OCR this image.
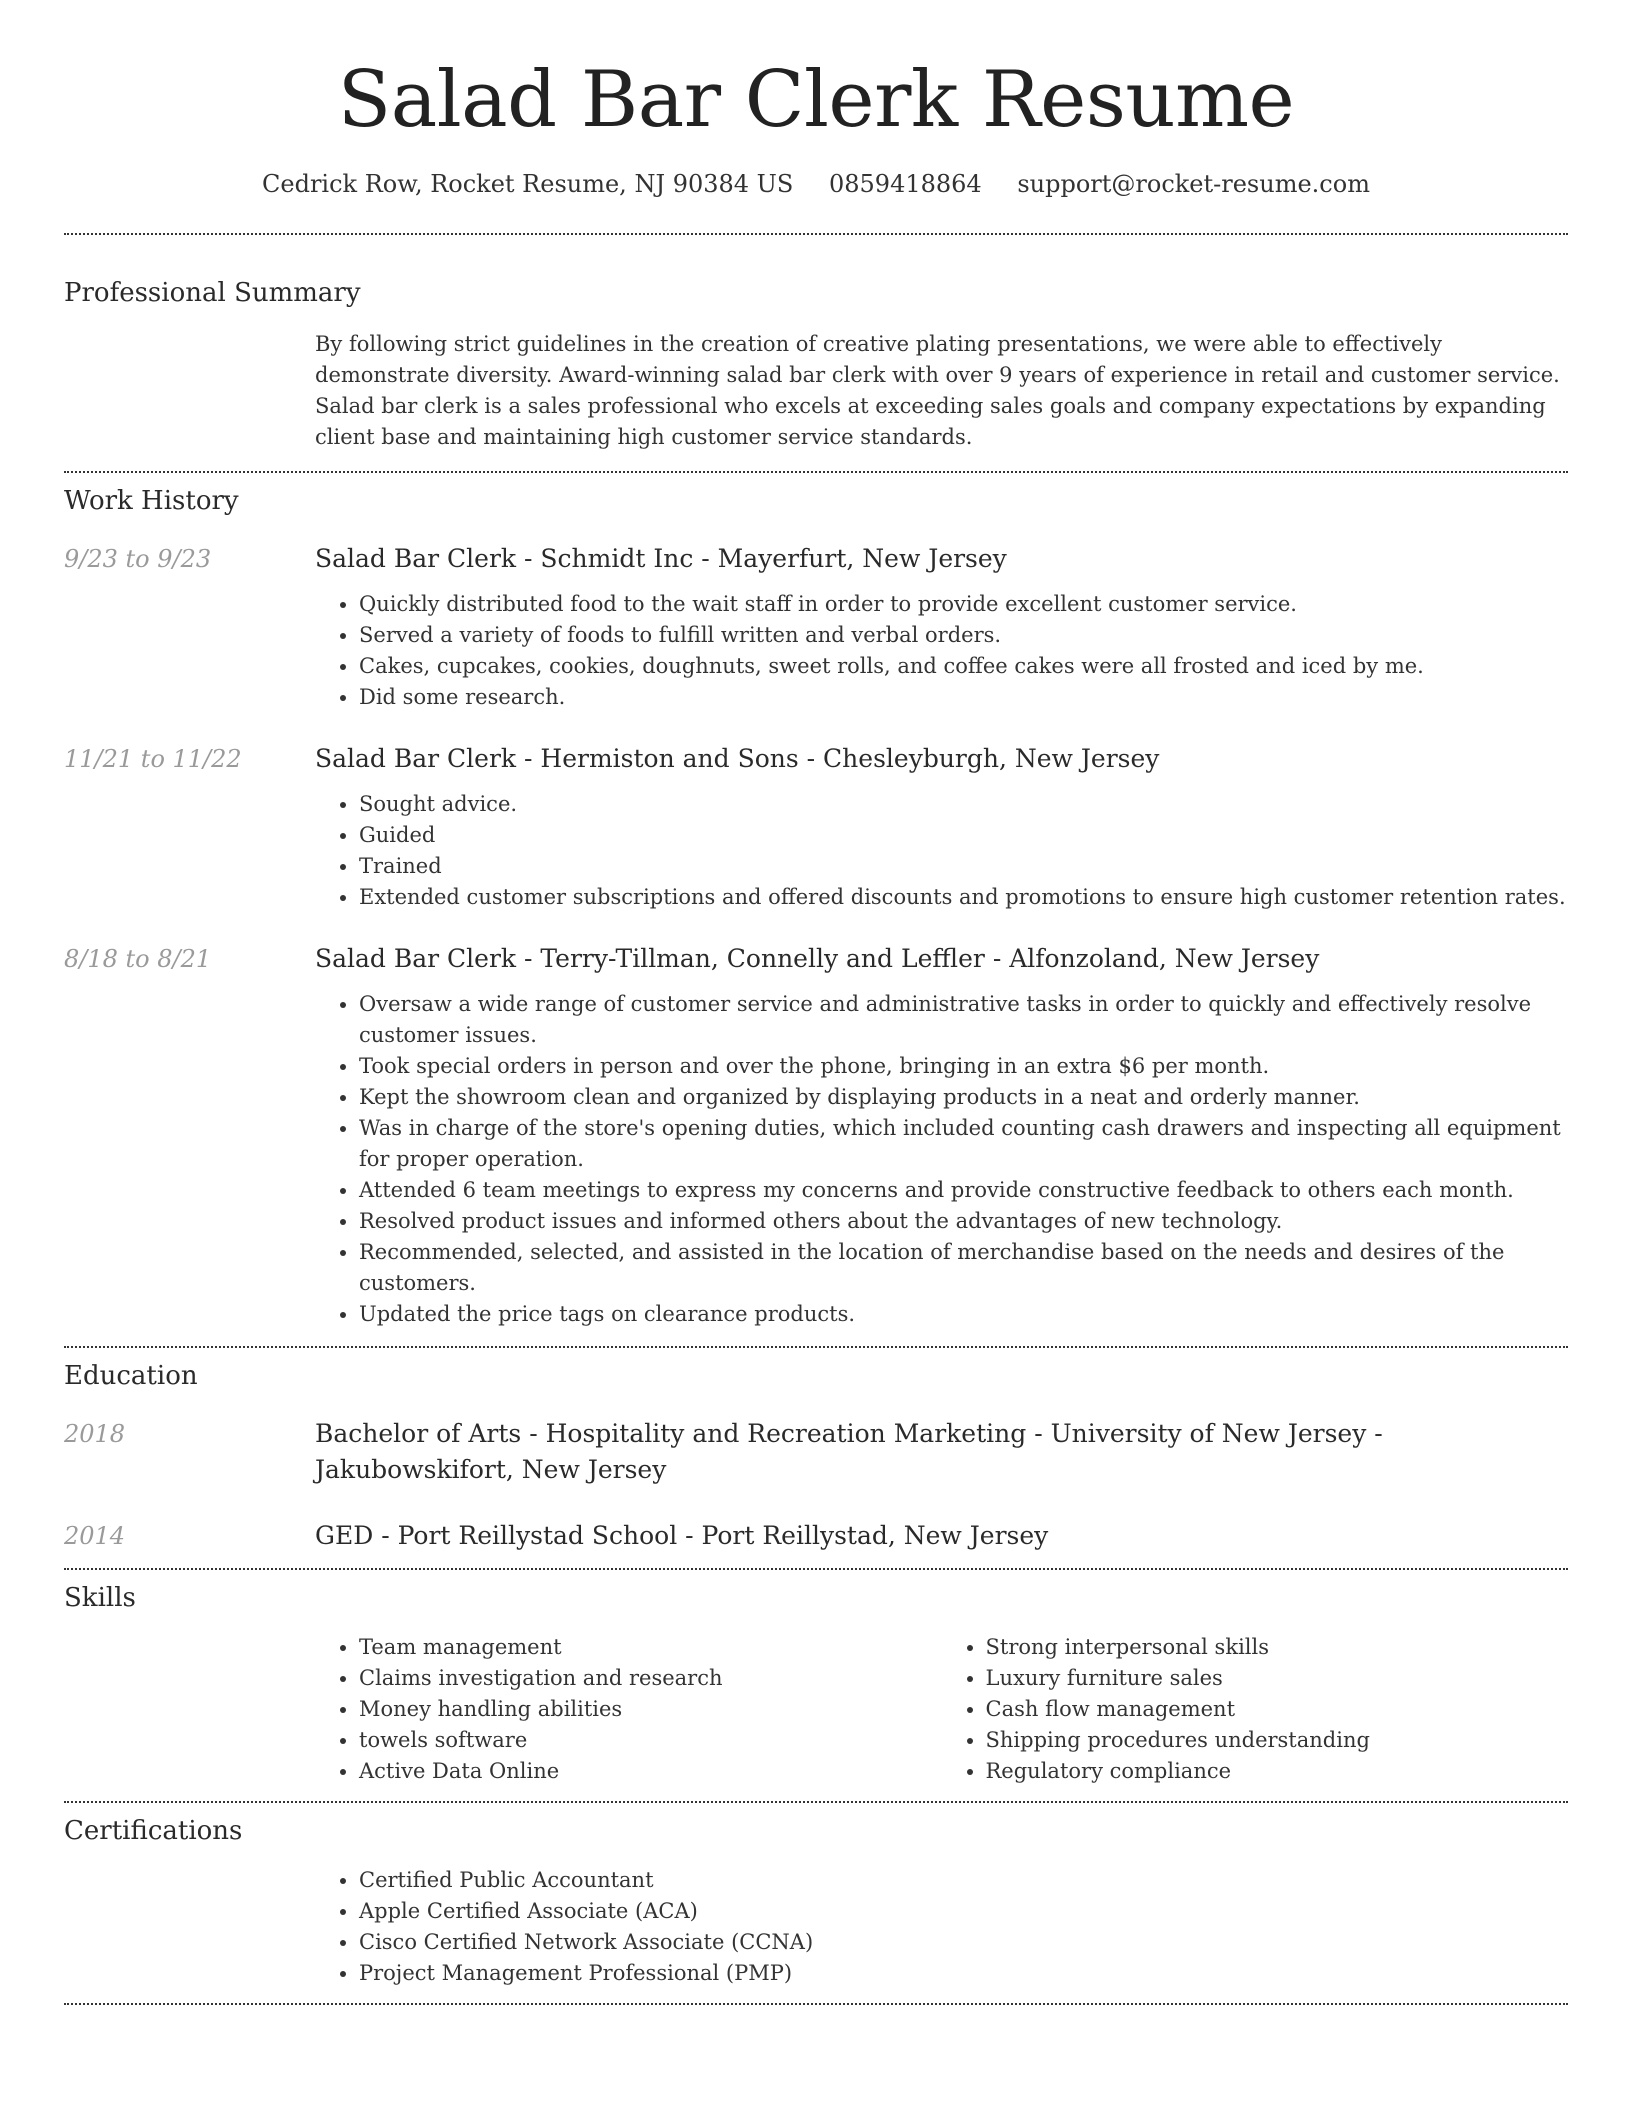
Salad Bar Clerk Resume
Cedrick Row, Rocket Resume, NJ 90384 US 0859418864 support@rocket-resume.com
Professional Summary

By following strict guidelines in the creation of creative plating presentations, we were able to effectively demonstrate diversity. Award-winning salad bar clerk with over 9 years of experience in retail and customer service. Salad bar clerk is a sales professional who excels at exceeding sales goals and company expectations by expanding client base and maintaining high customer service standards.

Work History
9/23 to 9/23	Salad Bar Clerk - Schmidt Inc - Mayerfurt, New Jersey
• Quickly distributed food to the wait staff in order to provide excellent customer service.
• Served a variety of foods to fulfill written and verbal orders.
• Cakes, cupcakes, cookies, doughnuts, sweet rolls, and coffee cakes were all frosted and iced by me.
• Did some research.
11/21 to 11/22	Salad Bar Clerk - Hermiston and Sons - Chesleyburgh, New Jersey
• Sought advice.
• Guided
• Trained
• Extended customer subscriptions and offered discounts and promotions to ensure high customer retention rates.
8/18 to 8/21	Salad Bar Clerk - Terry-Tillman, Connelly and Leffler - Alfonzoland, New Jersey
• Oversaw a wide range of customer service and administrative tasks in order to quickly and effectively resolve customer issues.
• Took special orders in person and over the phone, bringing in an extra $6 per month.
• Kept the showroom clean and organized by displaying products in a neat and orderly manner.
• Was in charge of the store's opening duties, which included counting cash drawers and inspecting all equipment for proper operation.
• Attended 6 team meetings to express my concerns and provide constructive feedback to others each month.
• Resolved product issues and informed others about the advantages of new technology.
• Recommended, selected, and assisted in the location of merchandise based on the needs and desires of the customers.
• Updated the price tags on clearance products.
Education
2018	Bachelor of Arts - Hospitality and Recreation Marketing - University of New Jersey - Jakubowskifort, New Jersey
2014	GED - Port Reillystad School - Port Reillystad, New Jersey
Skills
• Team management
• Claims investigation and research
• Money handling abilities
• towels software
• Active Data Online
• Strong interpersonal skills
• Luxury furniture sales
• Cash flow management
• Shipping procedures understanding
• Regulatory compliance
Certifications
• Certified Public Accountant
• Apple Certified Associate (ACA)
• Cisco Certified Network Associate (CCNA)
• Project Management Professional (PMP)
